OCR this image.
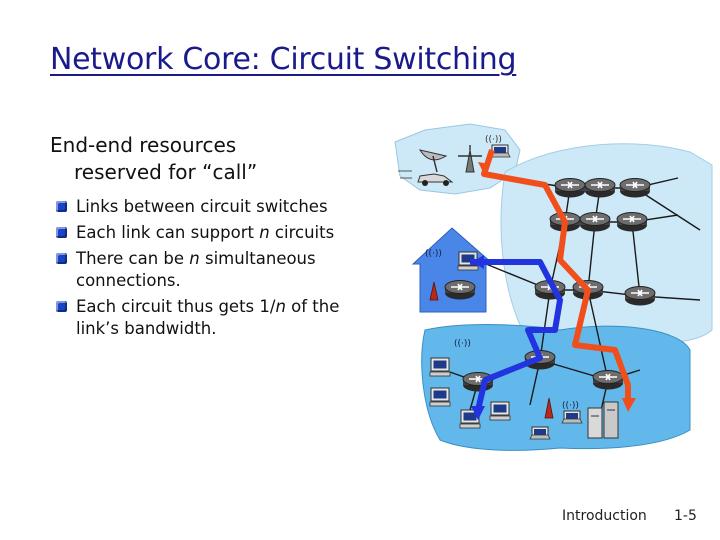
Network Core: Circuit Switching
End-end resources
reserved for “call”
Links between circuit switches
Each link can support n circuits
There can be n simultaneous connections.
Each circuit thus gets 1/n of the link’s bandwidth.
((·))
((·))
((·))
((·))
Introduction 1-5
